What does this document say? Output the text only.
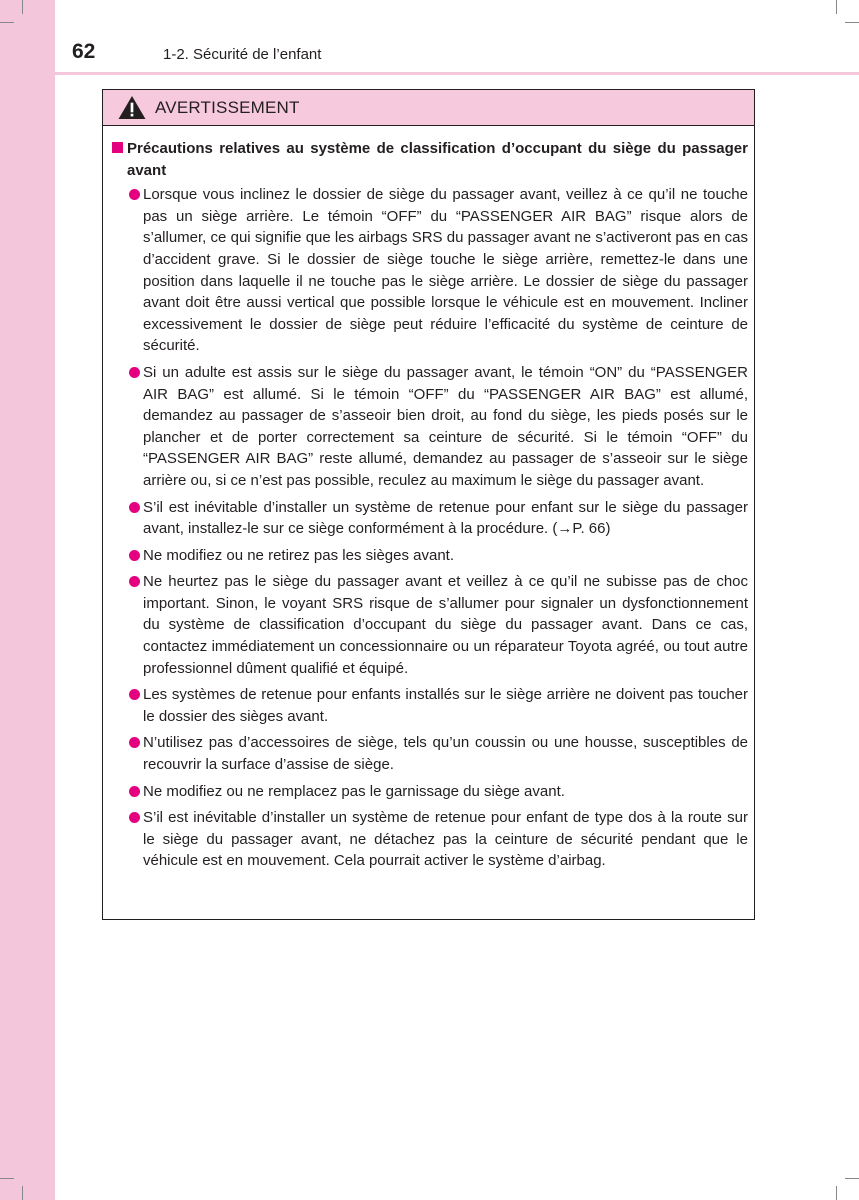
62	1-2. Sécurité de l’enfant
AVERTISSEMENT
Précautions relatives au système de classification d’occupant du siège du passager avant
Lorsque vous inclinez le dossier de siège du passager avant, veillez à ce qu’il ne touche pas un siège arrière. Le témoin “OFF” du “PASSENGER AIR BAG” risque alors de s’allumer, ce qui signifie que les airbags SRS du passager avant ne s’activeront pas en cas d’accident grave. Si le dossier de siège touche le siège arrière, remettez-le dans une position dans laquelle il ne touche pas le siège arrière. Le dossier de siège du passager avant doit être aussi vertical que possible lorsque le véhicule est en mouvement. Incliner excessivement le dossier de siège peut réduire l’efficacité du système de ceinture de sécurité.
Si un adulte est assis sur le siège du passager avant, le témoin “ON” du “PASSENGER AIR BAG” est allumé. Si le témoin “OFF” du “PASSENGER AIR BAG” est allumé, demandez au passager de s’asseoir bien droit, au fond du siège, les pieds posés sur le plancher et de porter correctement sa ceinture de sécurité. Si le témoin “OFF” du “PASSENGER AIR BAG” reste allumé, demandez au passager de s’asseoir sur le siège arrière ou, si ce n’est pas possible, reculez au maximum le siège du passager avant.
S’il est inévitable d’installer un système de retenue pour enfant sur le siège du passager avant, installez-le sur ce siège conformément à la procédure. (→P. 66)
Ne modifiez ou ne retirez pas les sièges avant.
Ne heurtez pas le siège du passager avant et veillez à ce qu’il ne subisse pas de choc important. Sinon, le voyant SRS risque de s’allumer pour signaler un dysfonctionnement du système de classification d’occupant du siège du passager avant. Dans ce cas, contactez immédiatement un concessionnaire ou un réparateur Toyota agréé, ou tout autre professionnel dûment qualifié et équipé.
Les systèmes de retenue pour enfants installés sur le siège arrière ne doivent pas toucher le dossier des sièges avant.
N’utilisez pas d’accessoires de siège, tels qu’un coussin ou une housse, susceptibles de recouvrir la surface d’assise de siège.
Ne modifiez ou ne remplacez pas le garnissage du siège avant.
S’il est inévitable d’installer un système de retenue pour enfant de type dos à la route sur le siège du passager avant, ne détachez pas la ceinture de sécurité pendant que le véhicule est en mouvement. Cela pourrait activer le système d’airbag.
